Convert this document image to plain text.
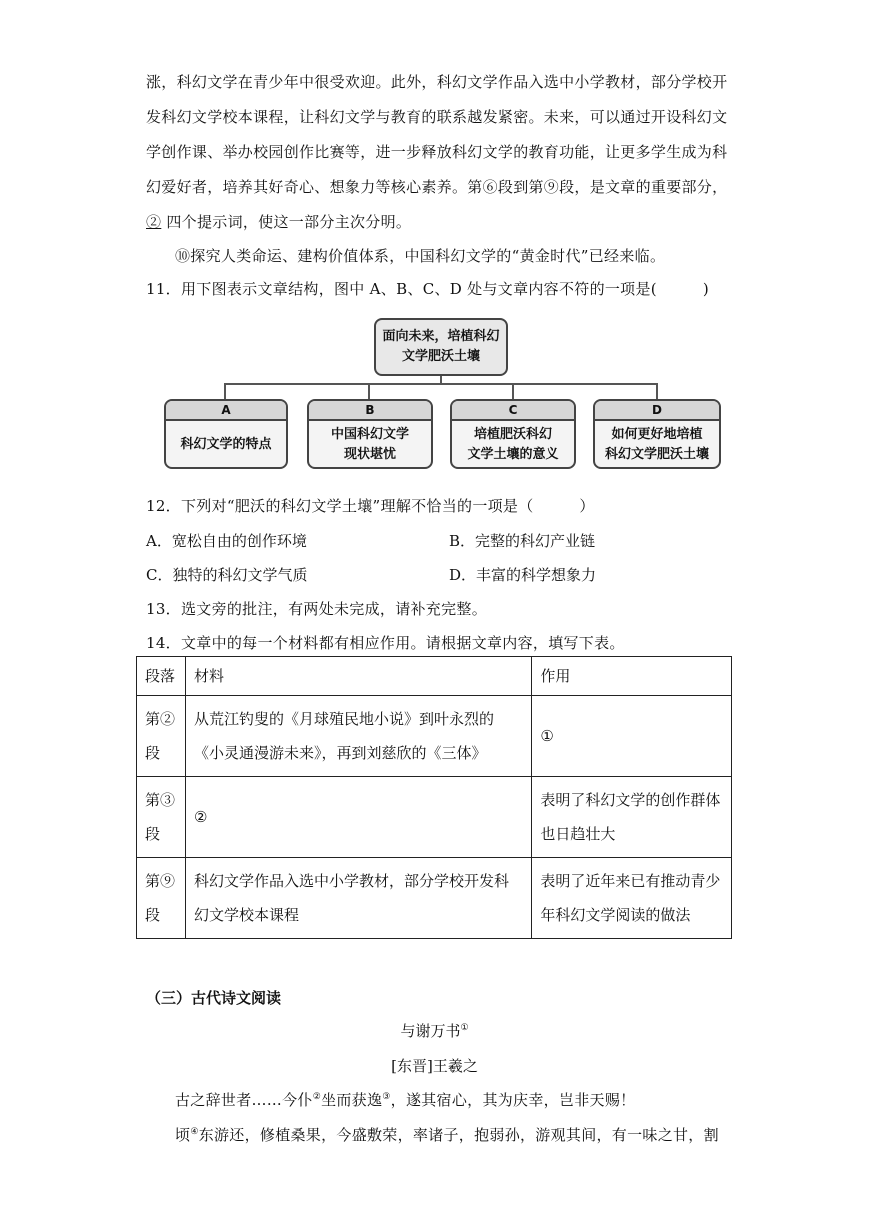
涨，科幻文学在青少年中很受欢迎。此外，科幻文学作品入选中小学教材，部分学校开
发科幻文学校本课程，让科幻文学与教育的联系越发紧密。未来，可以通过开设科幻文
学创作课、举办校园创作比赛等，进一步释放科幻文学的教育功能，让更多学生成为科
幻爱好者，培养其好奇心、想象力等核心素养。第⑥段到第⑨段，是文章的重要部分，
② 四个提示词，使这一部分主次分明。
⑩探究人类命运、建构价值体系，中国科幻文学的“黄金时代”已经来临。
11．用下图表示文章结构，图中 A、B、C、D 处与文章内容不符的一项是(　　　)
面向未来，培植科幻
文学肥沃土壤
A
科幻文学的特点
B
中国科幻文学
现状堪忧
C
培植肥沃科幻
文学土壤的意义
D
如何更好地培植
科幻文学肥沃土壤
12．下列对“肥沃的科幻文学土壤”理解不恰当的一项是（　　　）
A．宽松自由的创作环境	B．完整的科幻产业链
C．独特的科幻文学气质	D．丰富的科学想象力
13．选文旁的批注，有两处未完成，请补充完整。
14．文章中的每一个材料都有相应作用。请根据文章内容，填写下表。
段落	材料	作用
第②段	从荒江钓叟的《月球殖民地小说》到叶永烈的《小灵通漫游未来》，再到刘慈欣的《三体》	①
第③段	②	表明了科幻文学的创作群体也日趋壮大
第⑨段	科幻文学作品入选中小学教材，部分学校开发科幻文学校本课程	表明了近年来已有推动青少年科幻文学阅读的做法
（三）古代诗文阅读
与谢万书①
[东晋]王羲之
古之辞世者……今仆②坐而获逸③，遂其宿心，其为庆幸，岂非天赐！
顷④东游还，修植桑果，今盛敷荣，率诸子，抱弱孙，游观其间，有一味之甘，割
